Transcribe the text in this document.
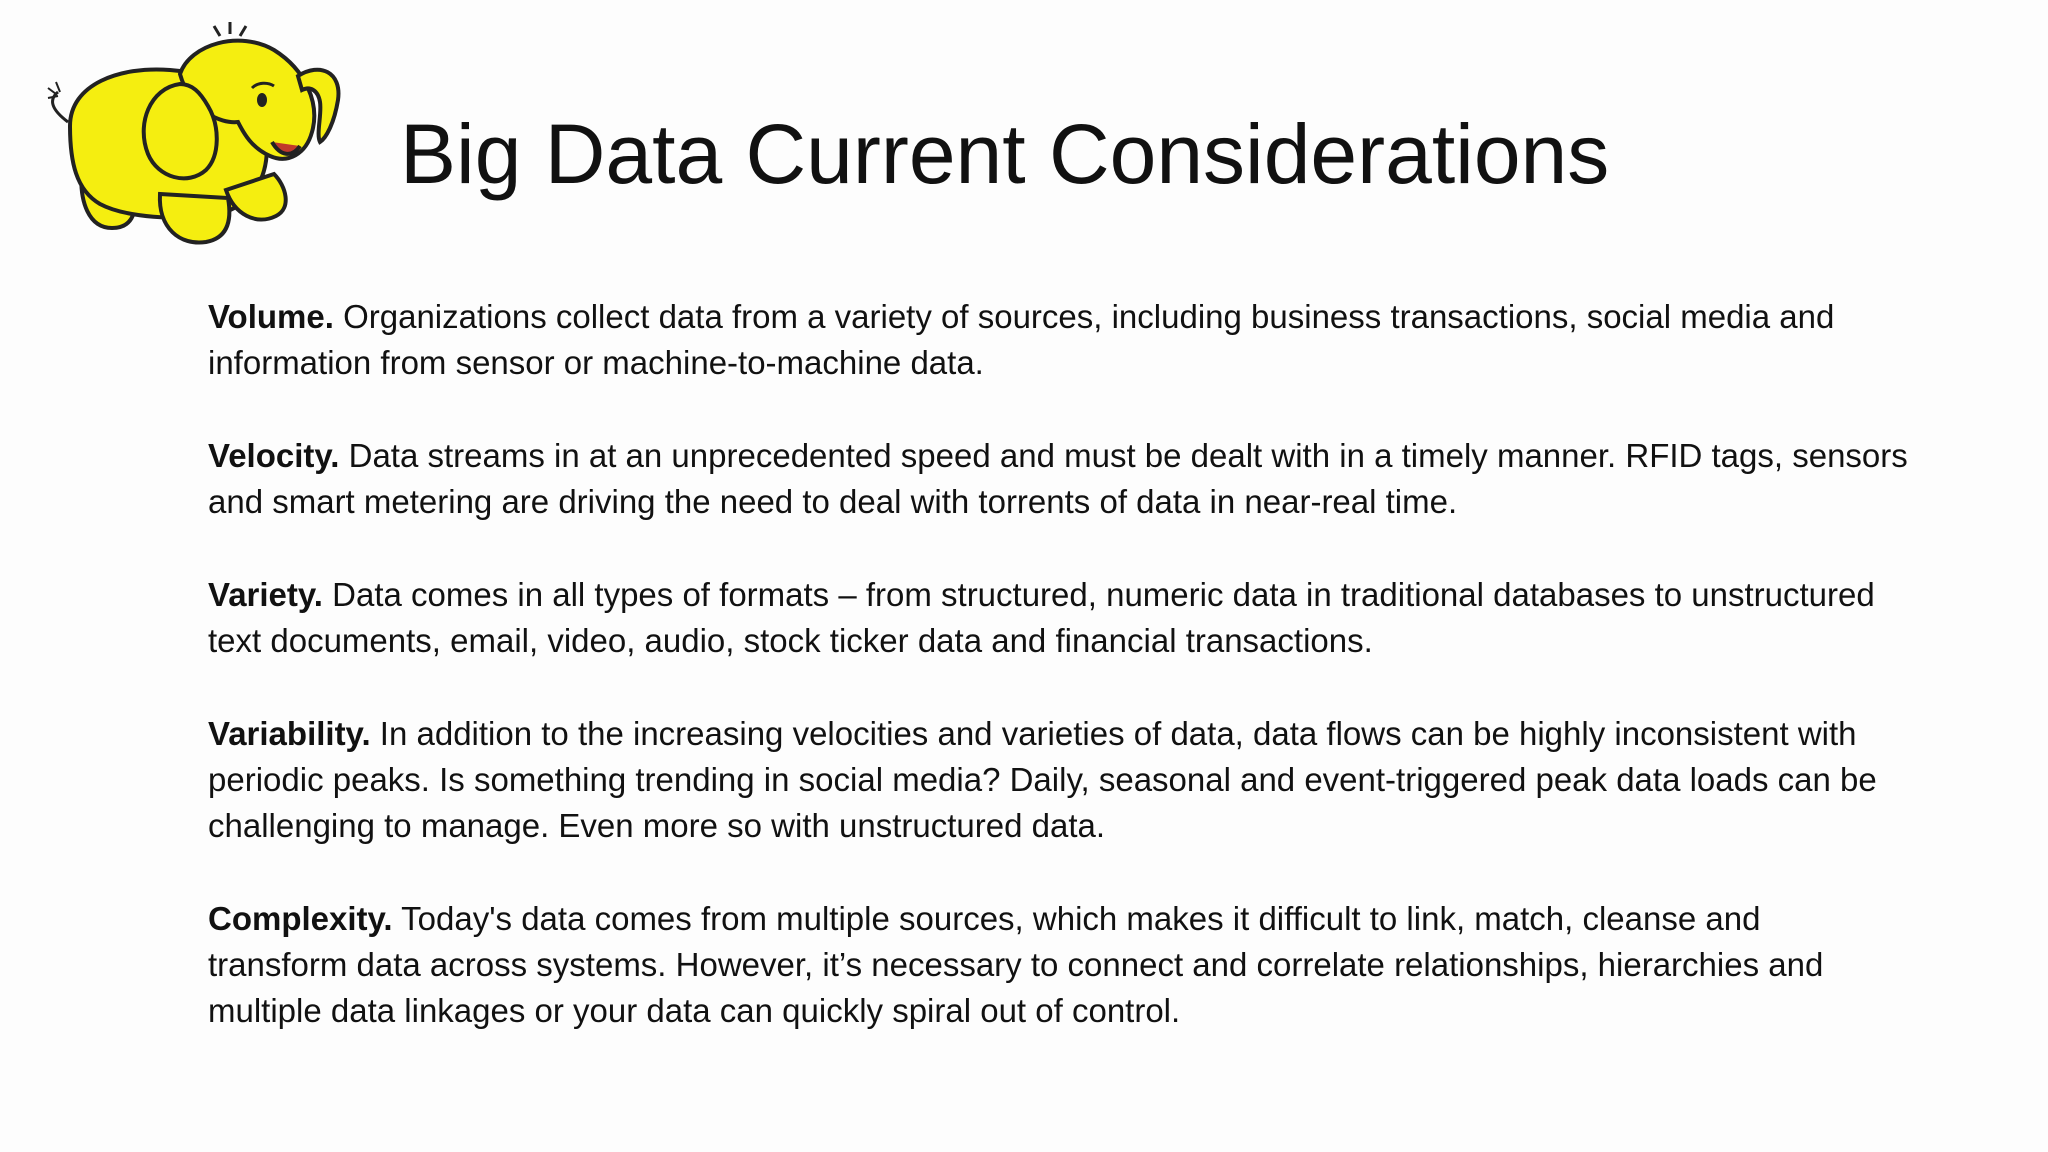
Big Data Current Considerations

Volume. Organizations collect data from a variety of sources, including business transactions, social media and information from sensor or machine-to-machine data.

Velocity. Data streams in at an unprecedented speed and must be dealt with in a timely manner. RFID tags, sensors and smart metering are driving the need to deal with torrents of data in near-real time.

Variety. Data comes in all types of formats – from structured, numeric data in traditional databases to unstructured text documents, email, video, audio, stock ticker data and financial transactions.

Variability. In addition to the increasing velocities and varieties of data, data flows can be highly inconsistent with periodic peaks. Is something trending in social media? Daily, seasonal and event-triggered peak data loads can be challenging to manage. Even more so with unstructured data.

Complexity. Today's data comes from multiple sources, which makes it difficult to link, match, cleanse and transform data across systems. However, it’s necessary to connect and correlate relationships, hierarchies and multiple data linkages or your data can quickly spiral out of control.
